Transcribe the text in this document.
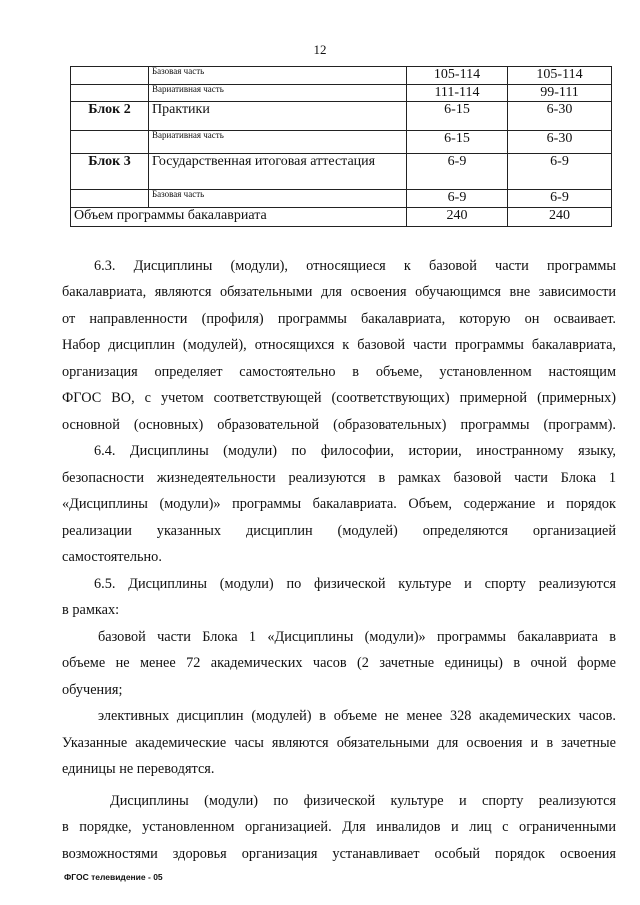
12
	Базовая часть	105-114	105-114
	Вариативная часть	111-114	99-111
Блок 2	Практики	6-15	6-30
	Вариативная часть	6-15	6-30
Блок 3	Государственная итоговая аттестация	6-9	6-9
	Базовая часть	6-9	6-9
Объем программы бакалавриата		240	240
6.3. Дисциплины (модули), относящиеся к базовой части программы
бакалавриата, являются обязательными для освоения обучающимся вне зависимости
от направленности (профиля) программы бакалавриата, которую он осваивает.
Набор дисциплин (модулей), относящихся к базовой части программы бакалавриата,
организация определяет самостоятельно в объеме, установленном настоящим
ФГОС ВО, с учетом соответствующей (соответствующих) примерной (примерных)
основной (основных) образовательной (образовательных) программы (программ).
6.4. Дисциплины (модули) по философии, истории, иностранному языку,
безопасности жизнедеятельности реализуются в рамках базовой части Блока 1
«Дисциплины (модули)» программы бакалавриата. Объем, содержание и порядок
реализации указанных дисциплин (модулей) определяются организацией
самостоятельно.
6.5. Дисциплины (модули) по физической культуре и спорту реализуются
в рамках:
базовой части Блока 1 «Дисциплины (модули)» программы бакалавриата в
объеме не менее 72 академических часов (2 зачетные единицы) в очной форме
обучения;
элективных дисциплин (модулей) в объеме не менее 328 академических часов.
Указанные академические часы являются обязательными для освоения и в зачетные
единицы не переводятся.
Дисциплины (модули) по физической культуре и спорту реализуются
в порядке, установленном организацией. Для инвалидов и лиц с ограниченными
возможностями здоровья организация устанавливает особый порядок освоения
ФГОС телевидение - 05
